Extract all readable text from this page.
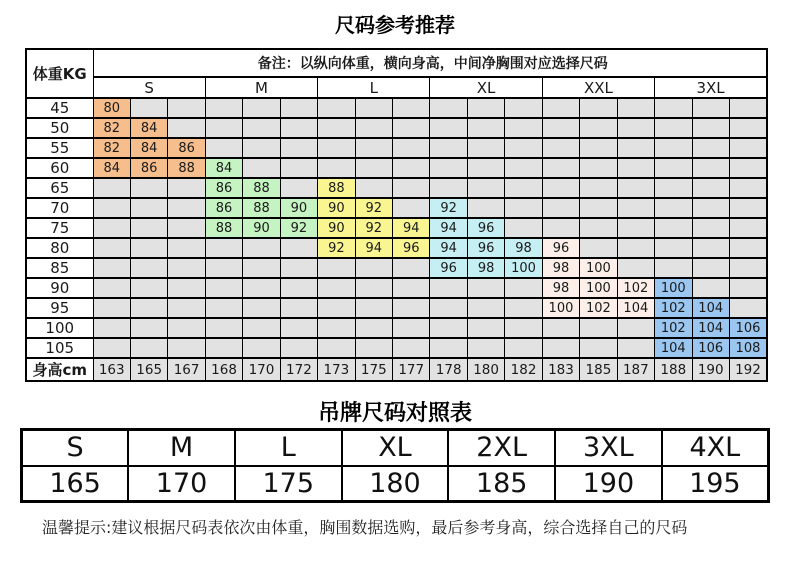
尺码参考推荐
体重KG	备注：以纵向体重，横向身高，中间净胸围对应选择尺码																	
	S			M			L			XL			XXL			3XL		
45	80																	
50	82	84																
55	82	84	86															
60	84	86	88	84														
65				86	88		88											
70				86	88	90	90	92		92								
75				88	90	92	90	92	94	94	96							
80							92	94	96	94	96	98	96					
85										96	98	100	98	100				
90													98	100	102	100		
95													100	102	104	102	104	
100																102	104	106
105																104	106	108
身高cm	163	165	167	168	170	172	173	175	177	178	180	182	183	185	187	188	190	192
吊牌尺码对照表
S	M	L	XL	2XL	3XL	4XL
165	170	175	180	185	190	195
温馨提示:建议根据尺码表依次由体重，胸围数据选购，最后参考身高，综合选择自己的尺码
